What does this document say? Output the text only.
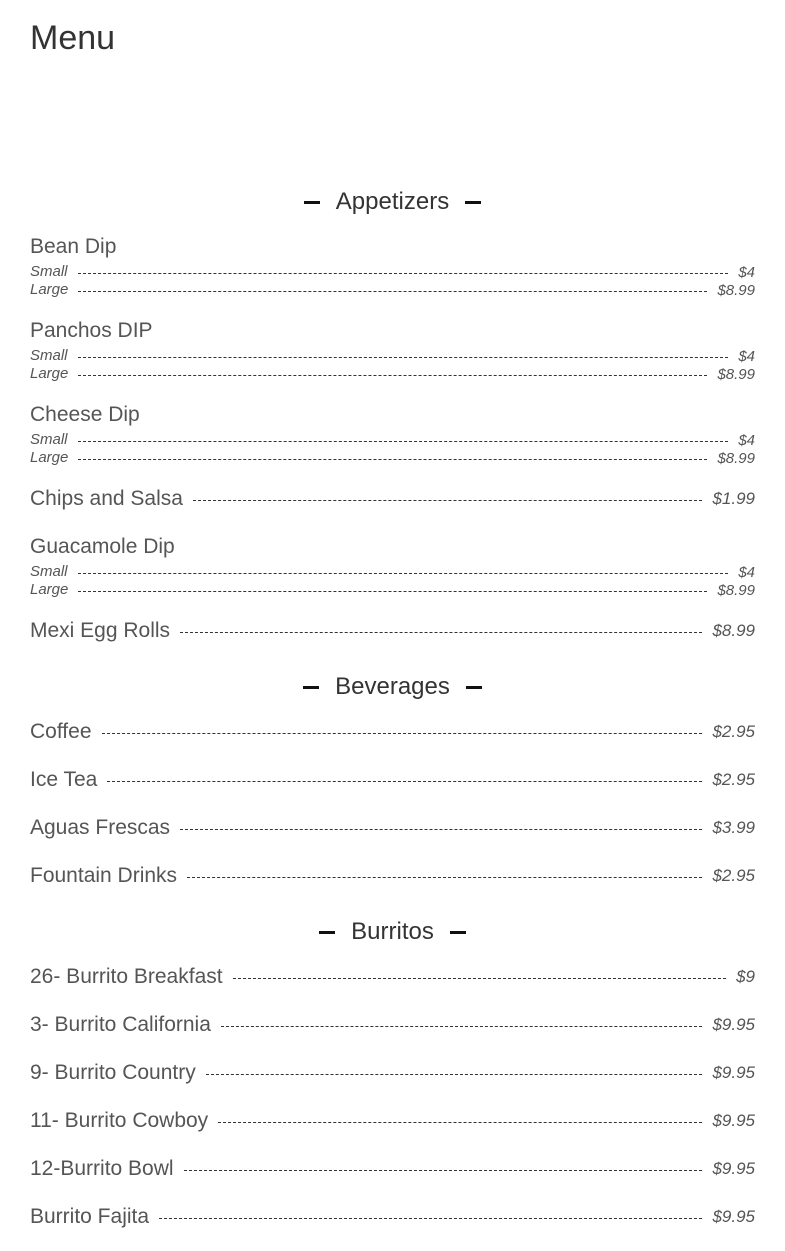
Menu
Appetizers
Bean Dip
Small	$4
Large	$8.99
Panchos DIP
Small	$4
Large	$8.99
Cheese Dip
Small	$4
Large	$8.99
Chips and Salsa	$1.99
Guacamole Dip
Small	$4
Large	$8.99
Mexi Egg Rolls	$8.99
Beverages
Coffee	$2.95
Ice Tea	$2.95
Aguas Frescas	$3.99
Fountain Drinks	$2.95
Burritos
26- Burrito Breakfast	$9
3- Burrito California	$9.95
9- Burrito Country	$9.95
11- Burrito Cowboy	$9.95
12-Burrito Bowl	$9.95
Burrito Fajita	$9.95
